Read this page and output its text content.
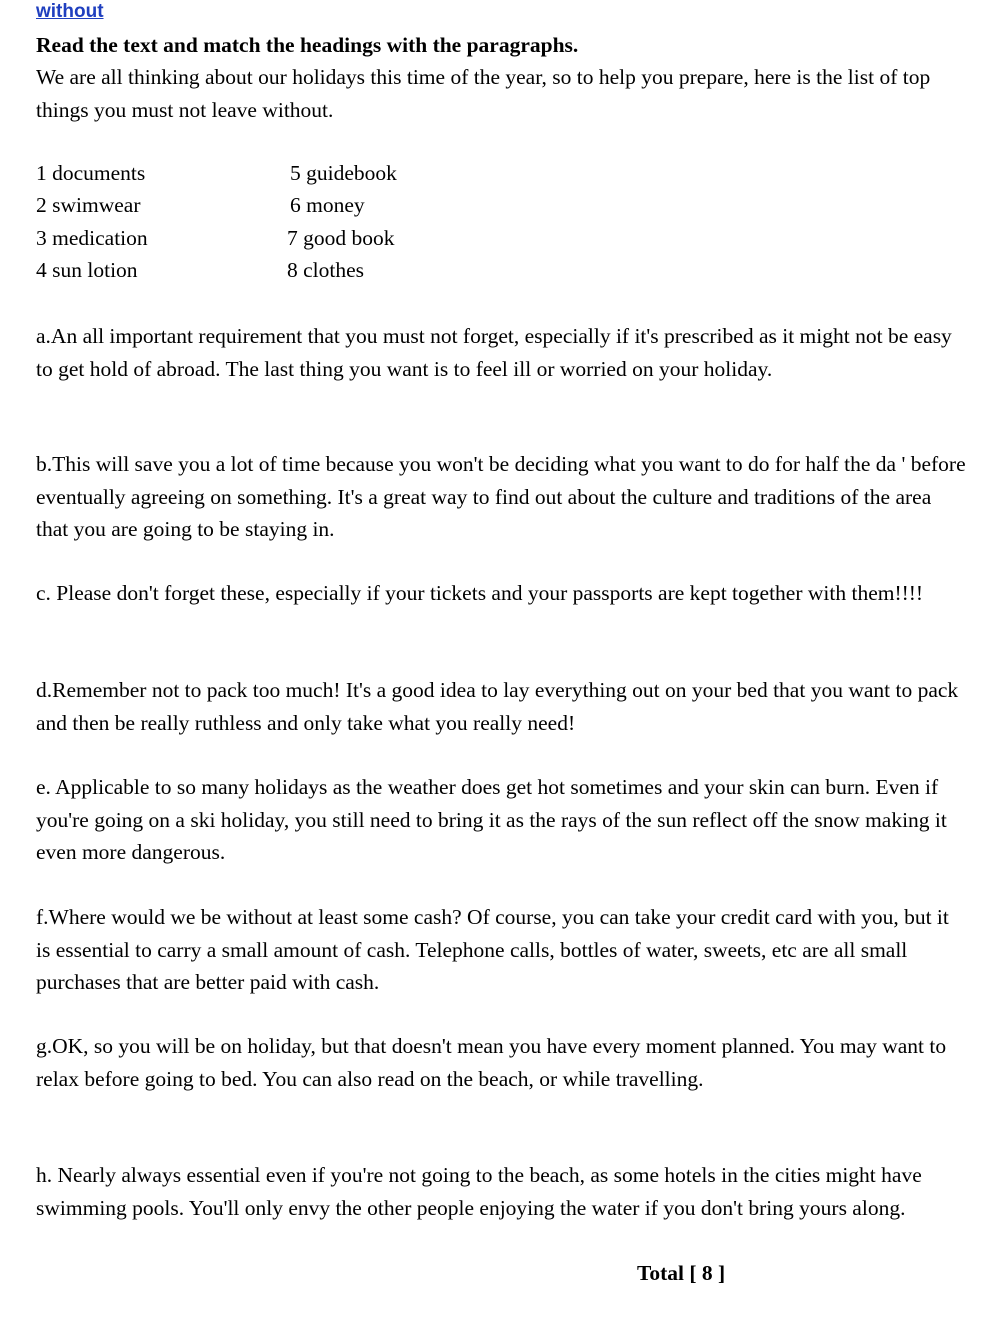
without
Read the text and match the headings with the paragraphs.
We are all thinking about our holidays this time of the year, so to help you prepare, here is the list of top things you must not leave without.
1 documents	5 guidebook
2 swimwear	6 money
3 medication	7 good book
4 sun lotion	8 clothes
a.An all important requirement that you must not forget, especially if it's prescribed as it might not be easy to get hold of abroad. The last thing you want is to feel ill or worried on your holiday.
b.This will save you a lot of time because you won't be deciding what you want to do for half the da ' before eventually agreeing on something. It's a great way to find out about the culture and traditions of the area that you are going to be staying in.
c. Please don't forget these, especially if your tickets and your passports are kept together with them!!!!
d.Remember not to pack too much! It's a good idea to lay everything out on your bed that you want to pack and then be really ruthless and only take what you really need!
e. Applicable to so many holidays as the weather does get hot sometimes and your skin can burn. Even if you're going on a ski holiday, you still need to bring it as the rays of the sun reflect off the snow making it even more dangerous.
f.Where would we be without at least some cash? Of course, you can take your credit card with you, but it is essential to carry a small amount of cash. Telephone calls, bottles of water, sweets, etc are all small purchases that are better paid with cash.
g.OK, so you will be on holiday, but that doesn't mean you have every moment planned. You may want to relax before going to bed. You can also read on the beach, or while travelling.
h. Nearly always essential even if you're not going to the beach, as some hotels in the cities might have swimming pools. You'll only envy the other people enjoying the water if you don't bring yours along.
Total [ 8 ]
